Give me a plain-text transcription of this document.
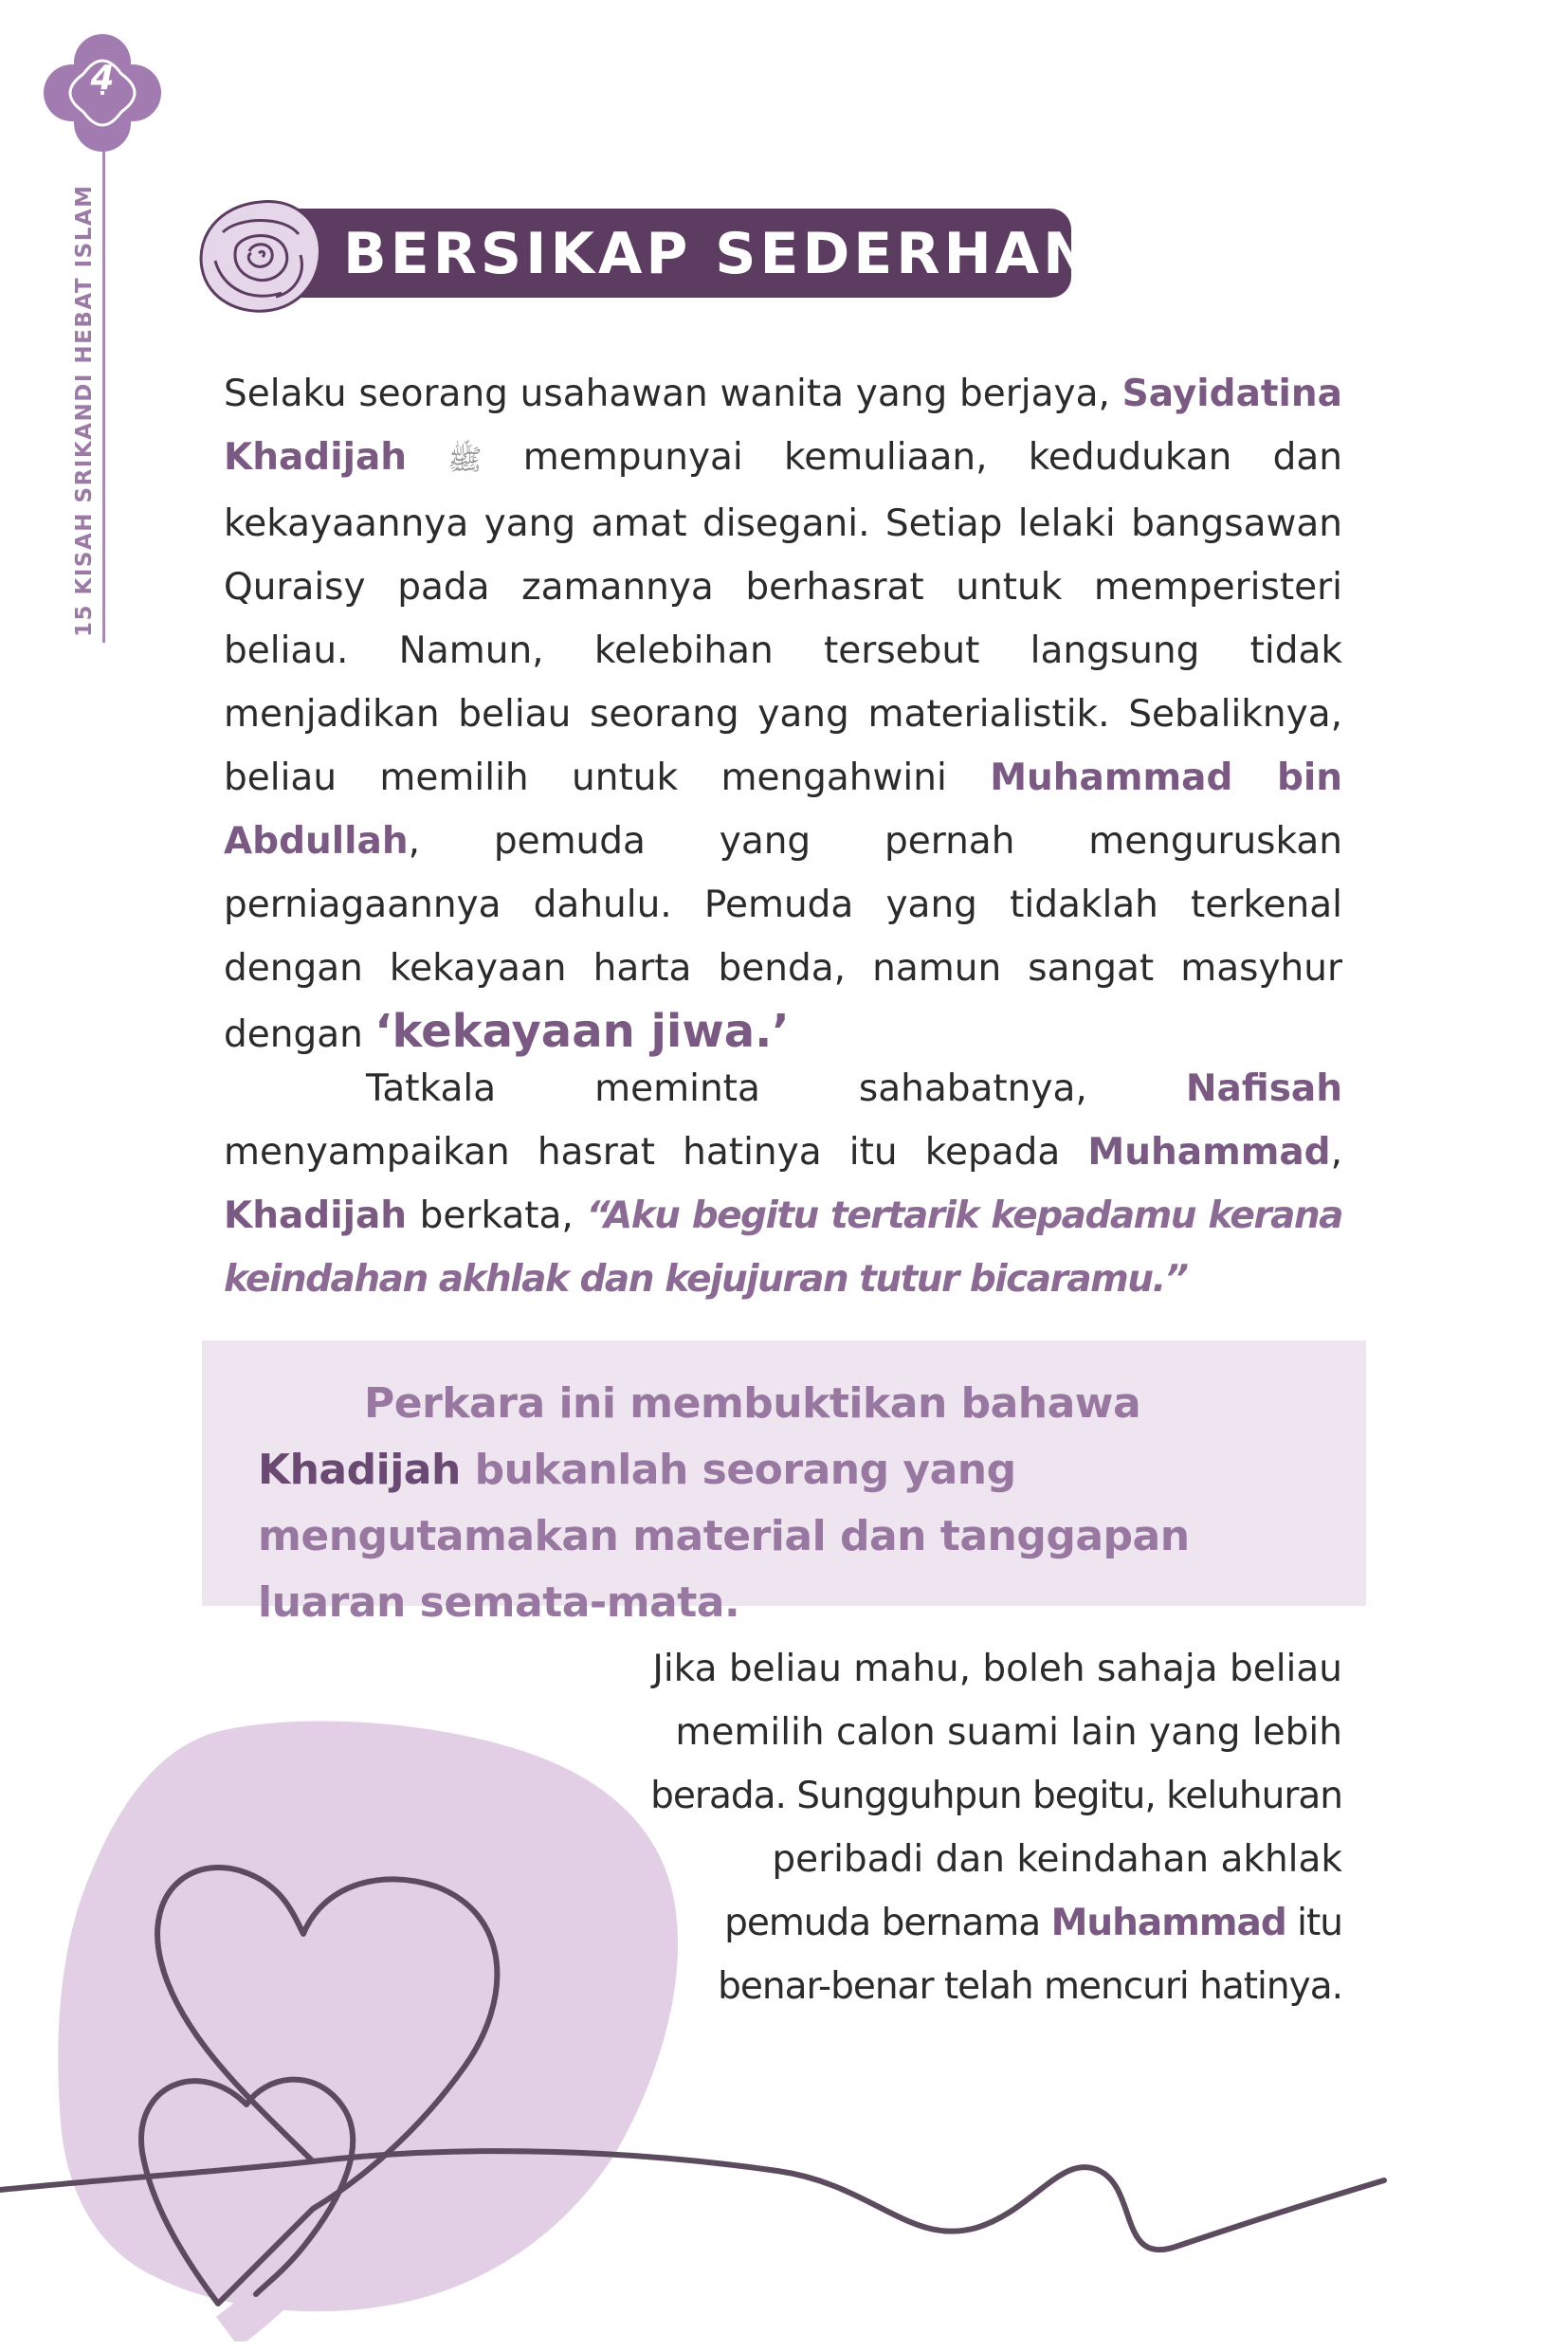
4
15 KISAH SRIKANDI HEBAT ISLAM	BERSIKAP SEDERHANA
Selaku seorang usahawan wanita yang berjaya, Sayidatina Khadijah ﷺ mempunyai kemuliaan, kedudukan dan kekayaannya yang amat disegani. Setiap lelaki bangsawan Quraisy pada zamannya berhasrat untuk memperisteri beliau. Namun, kelebihan tersebut langsung tidak menjadikan beliau seorang yang materialistik. Sebaliknya, beliau memilih untuk mengahwini Muhammad bin Abdullah, pemuda yang pernah menguruskan perniagaannya dahulu. Pemuda yang tidaklah terkenal dengan kekayaan harta benda, namun sangat masyhur dengan ‘kekayaan jiwa.’
Tatkala meminta sahabatnya, Nafisah menyampaikan hasrat hatinya itu kepada Muhammad, Khadijah berkata, “Aku begitu tertarik kepadamu kerana keindahan akhlak dan kejujuran tutur bicaramu.”
Perkara ini membuktikan bahawa Khadijah bukanlah seorang yang mengutamakan material dan tanggapan luaran semata-mata.
Jika beliau mahu, boleh sahaja beliau
memilih calon suami lain yang lebih
berada. Sungguhpun begitu, keluhuran
peribadi dan keindahan akhlak
pemuda bernama Muhammad itu
benar-benar telah mencuri hatinya.
